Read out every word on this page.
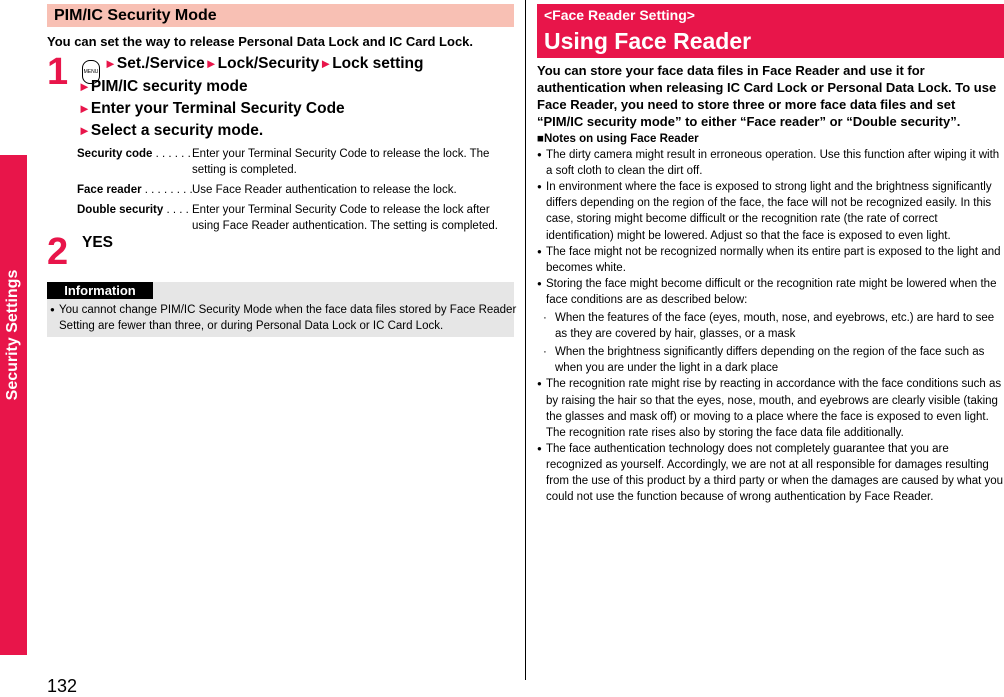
Security Settings
132
PIM/IC Security Mode
You can set the way to release Personal Data Lock and IC Card Lock.
1	MENU►Set./Service►Lock/Security►Lock setting
►PIM/IC security mode
►Enter your Terminal Security Code
►Select a security mode.
Security code . . .	Enter your Terminal Security Code to release the lock. The setting is completed.
Face reader . . .	Use Face Reader authentication to release the lock.
Double security . . .	Enter your Terminal Security Code to release the lock after using Face Reader authentication. The setting is completed.
2 YES
Information
● You cannot change PIM/IC Security Mode when the face data files stored by Face Reader Setting are fewer than three, or during Personal Data Lock or IC Card Lock.
<Face Reader Setting>
Using Face Reader
You can store your face data files in Face Reader and use it for authentication when releasing IC Card Lock or Personal Data Lock. To use Face Reader, you need to store three or more face data files and set “PIM/IC security mode” to either “Face reader” or “Double security”.
■Notes on using Face Reader
● The dirty camera might result in erroneous operation. Use this function after wiping it with a soft cloth to clean the dirt off.
● In environment where the face is exposed to strong light and the brightness significantly differs depending on the region of the face, the face will not be recognized easily. In this case, storing might become difficult or the recognition rate (the rate of correct identification) might be lowered. Adjust so that the face is exposed to even light.
● The face might not be recognized normally when its entire part is exposed to the light and becomes white.
● Storing the face might become difficult or the recognition rate might be lowered when the face conditions are as described below:
· When the features of the face (eyes, mouth, nose, and eyebrows, etc.) are hard to see as they are covered by hair, glasses, or a mask
· When the brightness significantly differs depending on the region of the face such as when you are under the light in a dark place
● The recognition rate might rise by reacting in accordance with the face conditions such as by raising the hair so that the eyes, nose, mouth, and eyebrows are clearly visible (taking the glasses and mask off) or moving to a place where the face is exposed to even light. The recognition rate rises also by storing the face data file additionally.
● The face authentication technology does not completely guarantee that you are recognized as yourself. Accordingly, we are not at all responsible for damages resulting from the use of this product by a third party or when the damages are caused by what you could not use the function because of wrong authentication by Face Reader.
